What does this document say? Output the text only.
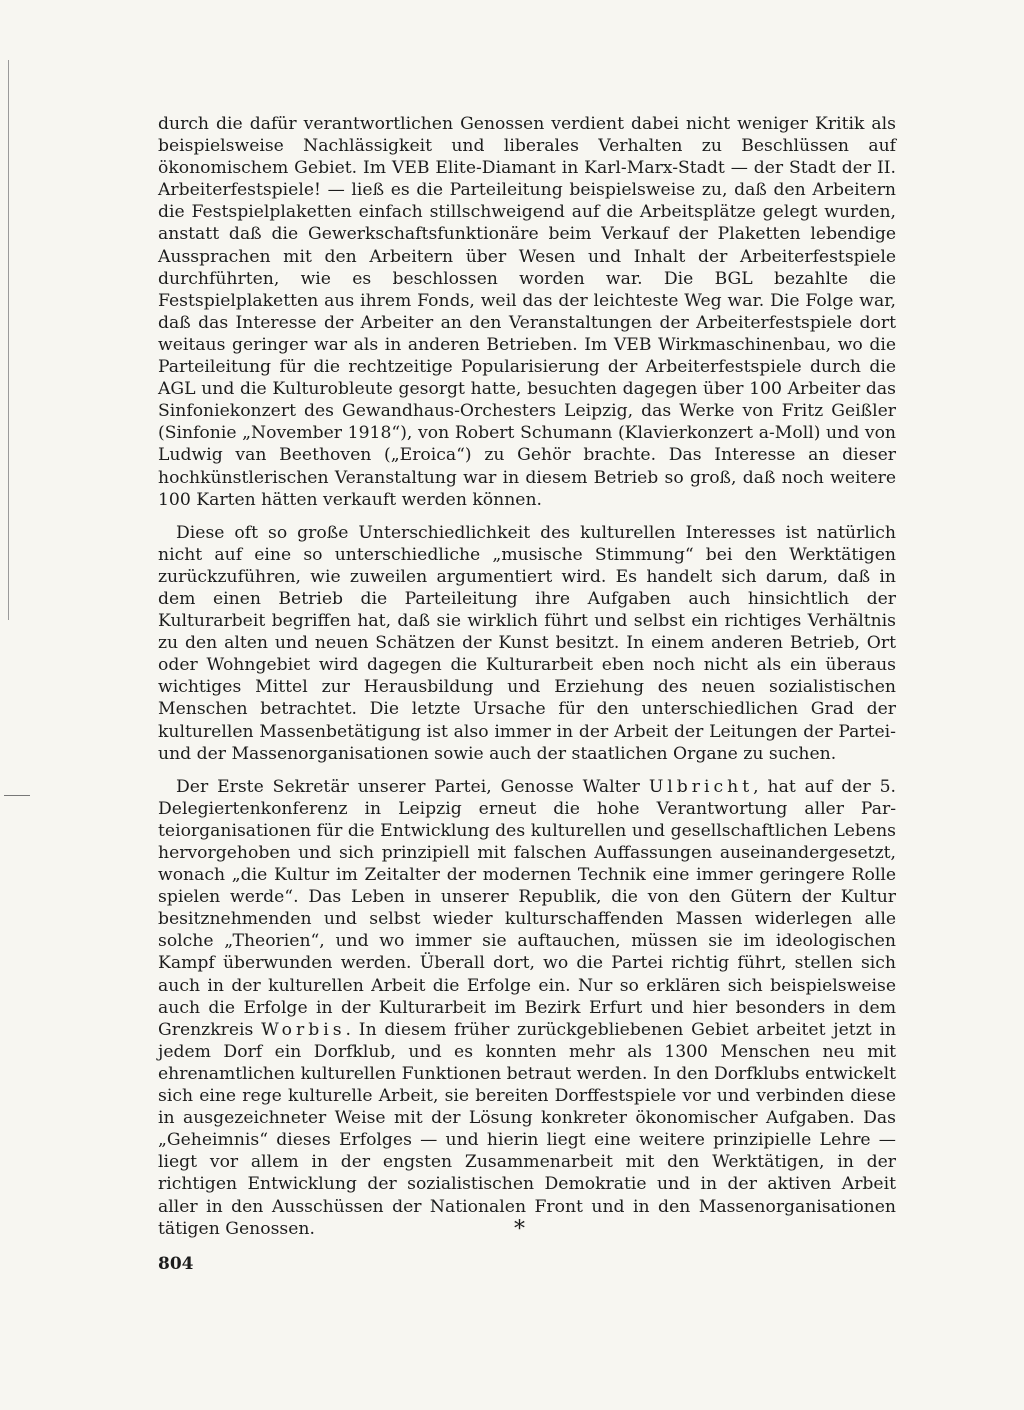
durch die dafür verantwortlichen Genossen verdient dabei nicht weniger Kritik als beispielsweise Nachlässigkeit und liberales Verhalten zu Beschlüssen auf ökonomischem Gebiet. Im VEB Elite-Diamant in Karl-Marx-Stadt — der Stadt der II. Arbeiterfestspiele! — ließ es die Parteileitung beispielsweise zu, daß den Arbeitern die Festspielplaketten einfach stillschweigend auf die Arbeitsplätze gelegt wurden, anstatt daß die Gewerkschaftsfunktionäre beim Verkauf der Plaketten lebendige Aussprachen mit den Arbeitern über Wesen und Inhalt der Arbeiterfestspiele durchführten, wie es beschlossen worden war. Die BGL bezahlte die Festspielplaketten aus ihrem Fonds, weil das der leichteste Weg war. Die Folge war, daß das Interesse der Arbeiter an den Veranstaltungen der Arbeiterfestspiele dort weitaus geringer war als in anderen Betrieben. Im VEB Wirkmaschinenbau, wo die Parteileitung für die rechtzeitige Popularisierung der Arbeiterfestspiele durch die AGL und die Kulturobleute gesorgt hatte, besuchten dagegen über 100 Arbeiter das Sinfoniekonzert des Gewandhaus-Orchesters Leipzig, das Werke von Fritz Geißler (Sinfonie „November 1918“), von Robert Schumann (Klavierkonzert a-Moll) und von Ludwig van Beethoven („Eroica“) zu Gehör brachte. Das Interesse an dieser hochkünstlerischen Veranstaltung war in diesem Betrieb so groß, daß noch weitere 100 Karten hätten verkauft werden können.

Diese oft so große Unterschiedlichkeit des kulturellen Interesses ist natürlich nicht auf eine so unterschiedliche „musische Stimmung“ bei den Werktätigen zurückzuführen, wie zuweilen argumentiert wird. Es handelt sich darum, daß in dem einen Betrieb die Parteileitung ihre Aufgaben auch hinsichtlich der Kulturarbeit begriffen hat, daß sie wirklich führt und selbst ein richtiges Verhältnis zu den alten und neuen Schätzen der Kunst besitzt. In einem anderen Betrieb, Ort oder Wohngebiet wird dagegen die Kulturarbeit eben noch nicht als ein überaus wichtiges Mittel zur Herausbildung und Erziehung des neuen sozialistischen Menschen betrachtet. Die letzte Ursache für den unterschiedlichen Grad der kulturellen Massenbetätigung ist also immer in der Arbeit der Leitungen der Partei- und der Massenorganisationen sowie auch der staatlichen Organe zu suchen.

Der Erste Sekretär unserer Partei, Genosse Walter Ulbricht, hat auf der 5. Delegiertenkonferenz in Leipzig erneut die hohe Verantwortung aller Parteiorganisationen für die Entwicklung des kulturellen und gesellschaftlichen Lebens hervorgehoben und sich prinzipiell mit falschen Auffassungen auseinandergesetzt, wonach „die Kultur im Zeitalter der modernen Technik eine immer geringere Rolle spielen werde“. Das Leben in unserer Republik, die von den Gütern der Kultur besitznehmenden und selbst wieder kulturschaffenden Massen widerlegen alle solche „Theorien“, und wo immer sie auftauchen, müssen sie im ideologischen Kampf überwunden werden. Überall dort, wo die Partei richtig führt, stellen sich auch in der kulturellen Arbeit die Erfolge ein. Nur so erklären sich beispielsweise auch die Erfolge in der Kulturarbeit im Bezirk Erfurt und hier besonders in dem Grenzkreis Worbis. In diesem früher zurückgebliebenen Gebiet arbeitet jetzt in jedem Dorf ein Dorfklub, und es konnten mehr als 1300 Menschen neu mit ehrenamtlichen kulturellen Funktionen betraut werden. In den Dorfklubs entwickelt sich eine rege kulturelle Arbeit, sie bereiten Dorffestspiele vor und verbinden diese in ausgezeichneter Weise mit der Lösung konkreter ökonomischer Aufgaben. Das „Geheimnis“ dieses Erfolges — und hierin liegt eine weitere prinzipielle Lehre — liegt vor allem in der engsten Zusammenarbeit mit den Werktätigen, in der richtigen Entwicklung der sozialistischen Demokratie und in der aktiven Arbeit aller in den Ausschüssen der Nationalen Front und in den Massenorganisationen tätigen Genossen.	*
804
